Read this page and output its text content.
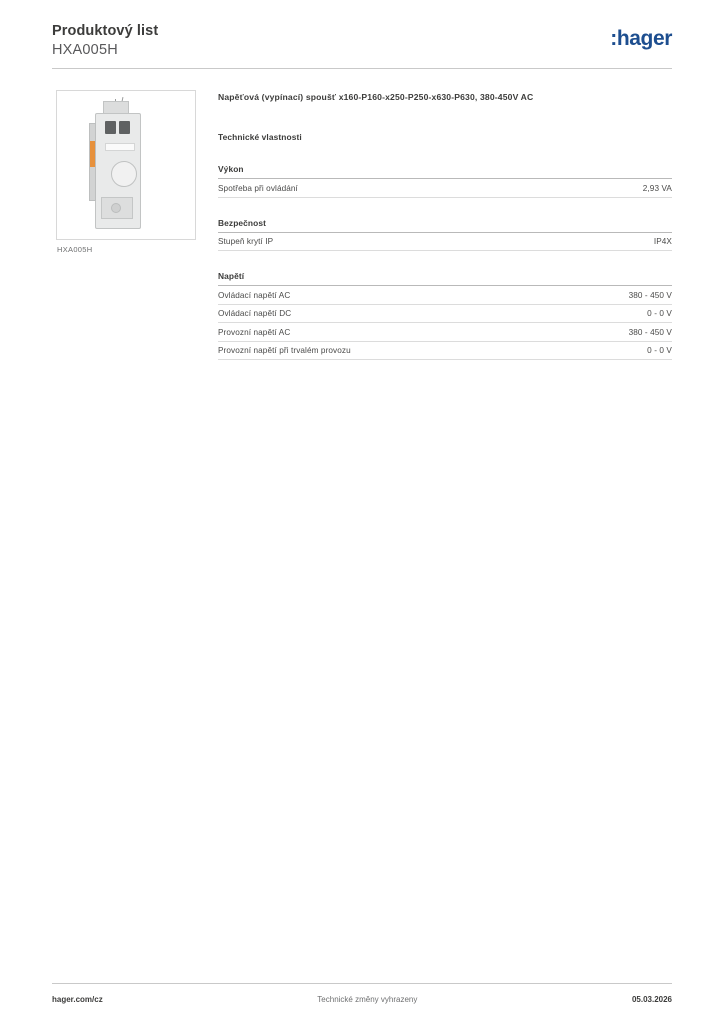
Produktový list
HXA005H
:hager
HXA005H
Napěťová (vypínací) spoušť x160-P160-x250-P250-x630-P630, 380-450V AC
Technické vlastnosti
Výkon
Spotřeba při ovládání	2,93 VA
Bezpečnost
Stupeň krytí IP	IP4X
Napětí
Ovládací napětí AC	380 - 450 V
Ovládací napětí DC	0 - 0 V
Provozní napětí AC	380 - 450 V
Provozní napětí při trvalém provozu	0 - 0 V
hager.com/cz	Technické změny vyhrazeny	05.03.2026
